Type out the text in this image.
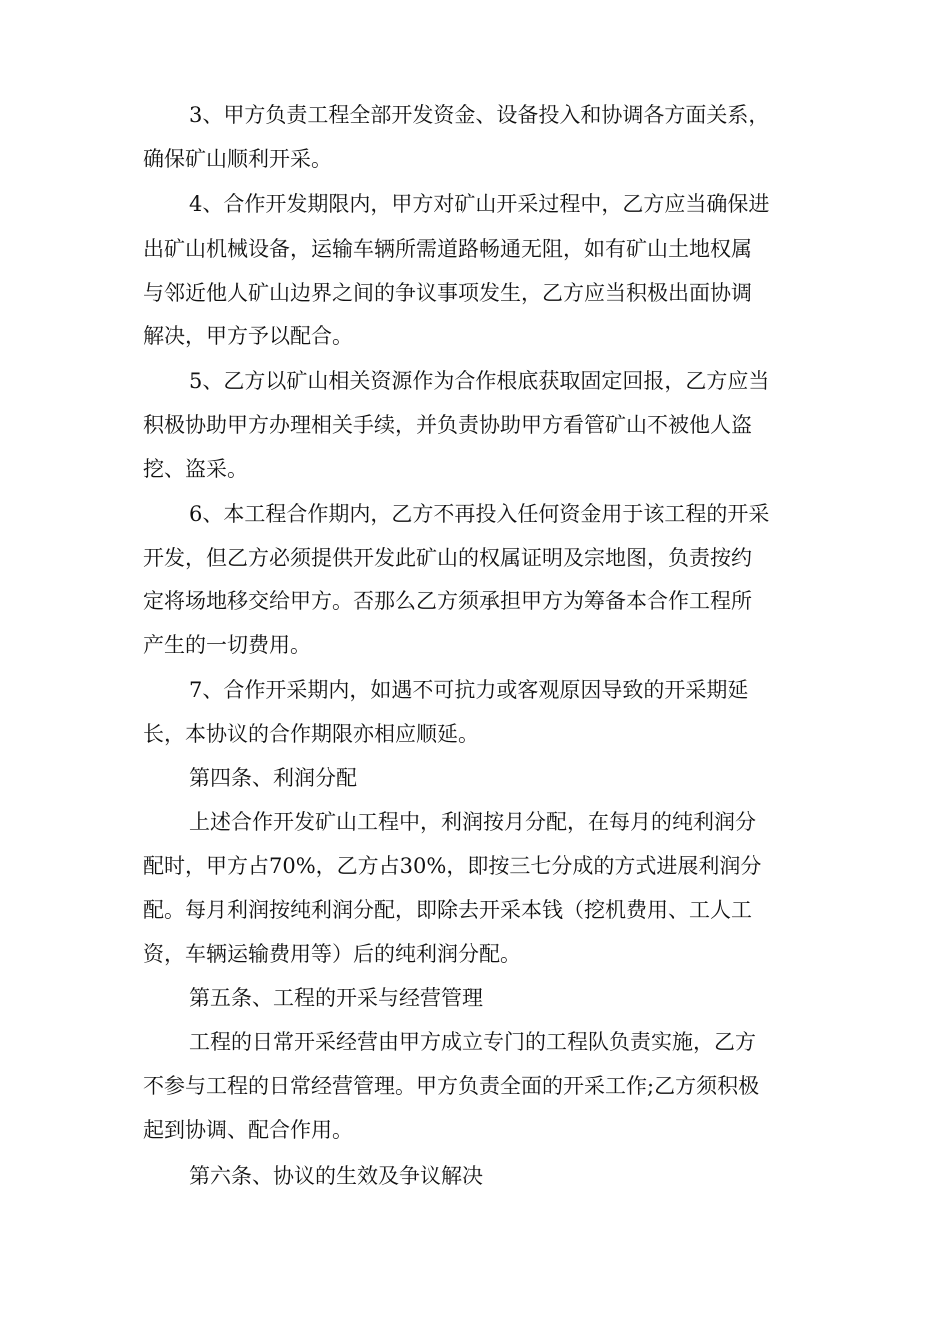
3、甲方负责工程全部开发资金、设备投入和协调各方面关系，
确保矿山顺利开采。
4、合作开发期限内，甲方对矿山开采过程中，乙方应当确保进
出矿山机械设备，运输车辆所需道路畅通无阻，如有矿山土地权属
与邻近他人矿山边界之间的争议事项发生，乙方应当积极出面协调
解决，甲方予以配合。
5、乙方以矿山相关资源作为合作根底获取固定回报，乙方应当
积极协助甲方办理相关手续，并负责协助甲方看管矿山不被他人盗
挖、盗采。
6、本工程合作期内，乙方不再投入任何资金用于该工程的开采
开发，但乙方必须提供开发此矿山的权属证明及宗地图，负责按约
定将场地移交给甲方。否那么乙方须承担甲方为筹备本合作工程所
产生的一切费用。
7、合作开采期内，如遇不可抗力或客观原因导致的开采期延
长，本协议的合作期限亦相应顺延。
第四条、利润分配
上述合作开发矿山工程中，利润按月分配，在每月的纯利润分
配时，甲方占70%，乙方占30%，即按三七分成的方式进展利润分
配。每月利润按纯利润分配，即除去开采本钱（挖机费用、工人工
资，车辆运输费用等）后的纯利润分配。
第五条、工程的开采与经营管理
工程的日常开采经营由甲方成立专门的工程队负责实施，乙方
不参与工程的日常经营管理。甲方负责全面的开采工作;乙方须积极
起到协调、配合作用。
第六条、协议的生效及争议解决
